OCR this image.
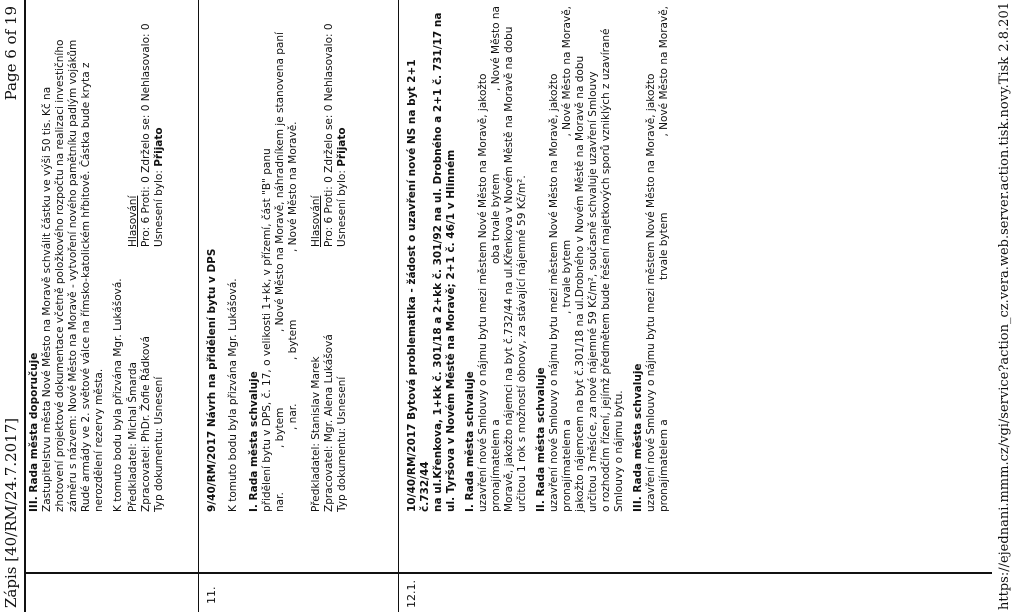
Zápis [40/RM/24.7.2017]
Page 6 of 19

III. Rada města doporučuje Zastupitelstvu města Nové Město na Moravě schválit částku ve výši 50 tis. Kč na zhotovení projektové dokumentace včetně položkového rozpočtu na realizaci investičního záměru s názvem: Nové Město na Moravě - vytvoření nového pamětníku padlým vojákům Rudé armády ve 2. světové válce na římsko-katolickém hřbitově. Částka bude kryta z nerozdělení rezervy města. K tomuto bodu byla přizvána Mgr. Lukášová. Předkladatel: Michal Šmarda Zpracovatel: PhDr. Žofie Řádková Typ dokumentu: Usnesení

Hlasování Pro: 6 Proti: 0 Zdrželo se: 0 Nehlasovalo: 0 Usnesení bylo: Přijato

11.

9/40/RM/2017 Návrh na přidělení bytu v DPS K tomuto bodu byla přizvána Mgr. Lukášová. I. Rada města schvaluje přidělení bytu v DPS, č. 17, o velikosti 1+kk, v přízemí, část "B" panu nar.
, bytem
, Nové Město na Moravě, náhradníkem je stanovena paní

, nar.
, bytem
, Nové Město na Moravě.

Předkladatel: Stanislav Marek Zpracovatel: Mgr. Alena Lukášová Typ dokumentu: Usnesení

Hlasování Pro: 6 Proti: 0 Zdrželo se: 0 Nehlasovalo: 0 Usnesení bylo: Přijato

12.1.

10/40/RM/2017 Bytová problematika - žádost o uzavření nové NS na byt 2+1 č.732/44 na ul.Křenkova, 1+kk č. 301/18 a 2+kk č. 301/92 na ul. Drobného a 2+1 č. 731/17 na ul. Tyršova v Novém Městě na Moravě; 2+1 č. 46/1 v Hlinném I. Rada města schvaluje uzavření nové Smlouvy o nájmu bytu mezi městem Nové Město na Moravě, jakožto pronajímatelem a
oba trvale bytem
, Nové Město na Moravě, jakožto nájemci na byt č.732/44 na ul.Křenkova v Novém Městě na Moravě na dobu určitou 1 rok s možností obnovy, za stávající nájemné 59 Kč/m². II. Rada města schvaluje uzavření nové Smlouvy o nájmu bytu mezi městem Nové Město na Moravě, jakožto pronajímatelem a
, trvale bytem
, Nové Město na Moravě, jakožto nájemcem na byt č.301/18 na ul.Drobného v Novém Městě na Moravě na dobu určitou 3 měsíce, za nové nájemné 59 Kč/m², současně schvaluje uzavření Smlouvy o rozhodčím řízení, jejímž předmětem bude řešení majetkových sporů vzniklých z uzavírané Smlouvy o nájmu bytu. III. Rada města schvaluje uzavření nové Smlouvy o nájmu bytu mezi městem Nové Město na Moravě, jakožto pronajímatelem a
trvale bytem
, Nové Město na Moravě,	https://ejednani.mmm.cz/vgi/service?action_cz.vera.web.server.action.tisk.novy.Tisk
2.8.201
